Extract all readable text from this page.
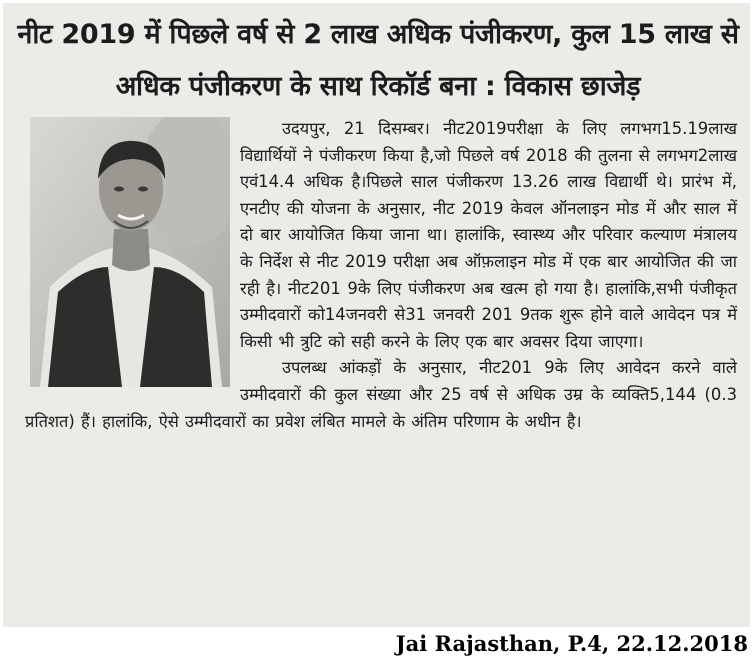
नीट 2019 में पिछले वर्ष से 2 लाख अधिक पंजीकरण, कुल 15 लाख से अधिक पंजीकरण के साथ रिकॉर्ड बना : विकास छाजेड़

उदयपुर, 21 दिसम्बर। नीट2019परीक्षा के लिए लगभग15.19लाख विद्यार्थियों ने पंजीकरण किया है,जो पिछले वर्ष 2018 की तुलना से लगभग2लाख एवं14.4 अधिक है।पिछले साल पंजीकरण 13.26 लाख विद्यार्थी थे। प्रारंभ में, एनटीए की योजना के अनुसार, नीट 2019 केवल ऑनलाइन मोड में और साल में दो बार आयोजित किया जाना था। हालांकि, स्वास्थ्य और परिवार कल्याण मंत्रालय के निर्देश से नीट 2019 परीक्षा अब ऑफ़लाइन मोड में एक बार आयोजित की जा रही है। नीट201 9के लिए पंजीकरण अब खत्म हो गया है। हालांकि,सभी पंजीकृत उम्मीदवारों को14जनवरी से31 जनवरी 201 9तक शुरू होने वाले आवेदन पत्र में किसी भी त्रुटि को सही करने के लिए एक बार अवसर दिया जाएगा।

उपलब्ध आंकड़ों के अनुसार, नीट201 9के लिए आवेदन करने वाले उम्मीदवारों की कुल संख्या और 25 वर्ष से अधिक उम्र के व्यक्ति5,144 (0.3 प्रतिशत) हैं। हालांकि, ऐसे उम्मीदवारों का प्रवेश लंबित मामले के अंतिम परिणाम के अधीन है।

Jai Rajasthan, P.4, 22.12.2018
